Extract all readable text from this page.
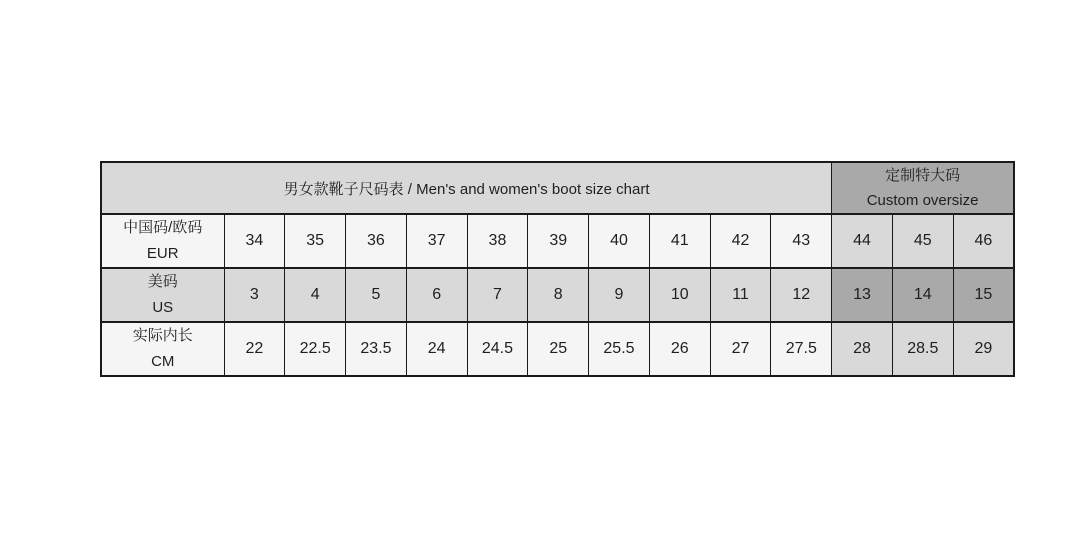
男女款靴子尺码表 / Men's and women's boot size chart											定制特大码
Custom oversize		

中国码/欧码
EUR	34	35	36	37	38	39	40	41	42	43	44	45	46

美码
US	3	4	5	6	7	8	9	10	11	12	13	14	15

实际内长
CM	22	22.5	23.5	24	24.5	25	25.5	26	27	27.5	28	28.5	29
